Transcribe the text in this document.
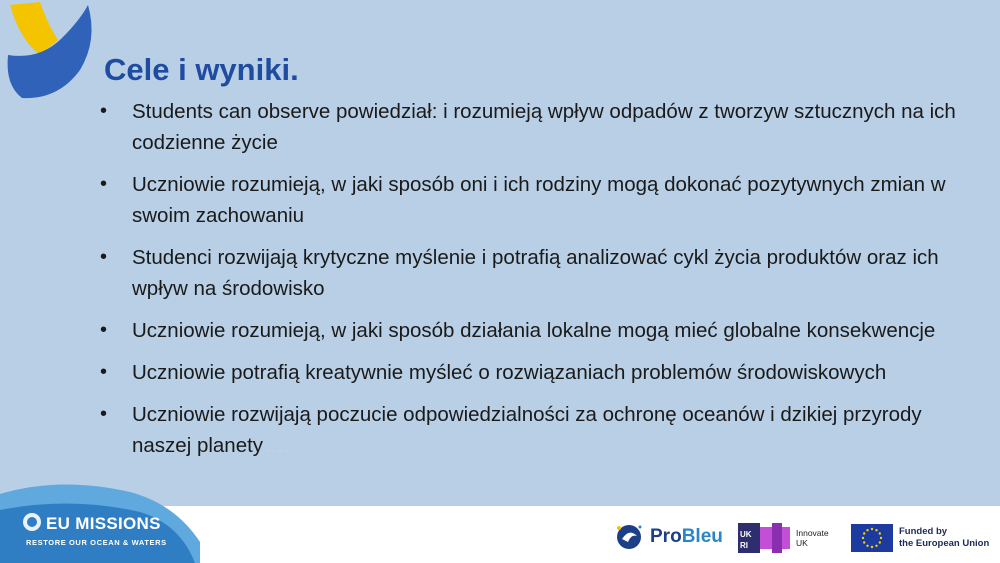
Cele i wyniki.
• Students can observe powiedział: i rozumieją wpływ odpadów z tworzyw sztucznych na ich codzienne życie
• Uczniowie rozumieją, w jaki sposób oni i ich rodziny mogą dokonać pozytywnych zmian w swoim zachowaniu
• Studenci rozwijają krytyczne myślenie i potrafią analizować cykl życia produktów oraz ich wpływ na środowisko
• Uczniowie rozumieją, w jaki sposób działania lokalne mogą mieć globalne konsekwencje
• Uczniowie potrafią kreatywnie myśleć o rozwiązaniach problemów środowiskowych
• Uczniowie rozwijają poczucie odpowiedzialności za ochronę oceanów i dzikiej przyrody naszej planety….
EU MISSIONS
RESTORE OUR OCEAN & WATERS	ProBleu UK
RI
Innovate
UK
Funded by
the European Union
